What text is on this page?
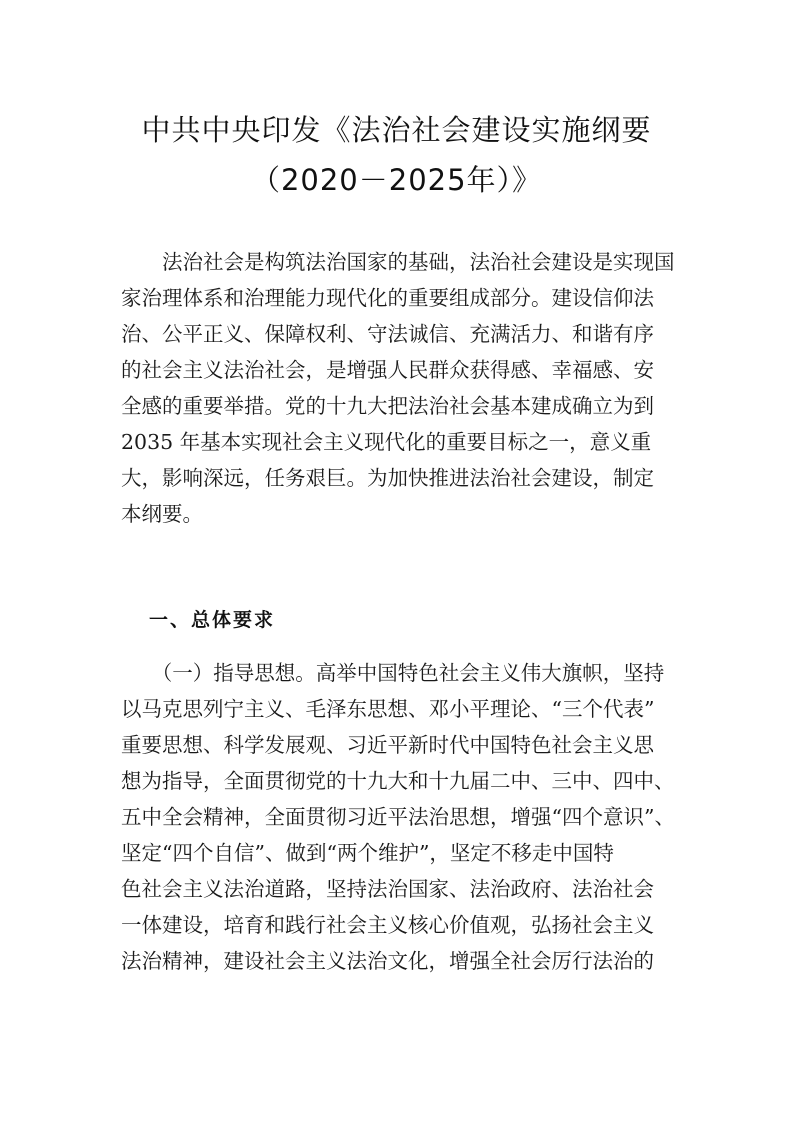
中共中央印发《法治社会建设实施纲要
（2020－2025年）》
　　法治社会是构筑法治国家的基础，法治社会建设是实现国
家治理体系和治理能力现代化的重要组成部分。建设信仰法
治、公平正义、保障权利、守法诚信、充满活力、和谐有序
的社会主义法治社会，是增强人民群众获得感、幸福感、安
全感的重要举措。党的十九大把法治社会基本建成确立为到
2035 年基本实现社会主义现代化的重要目标之一，意义重
大，影响深远，任务艰巨。为加快推进法治社会建设，制定
本纲要。
一、总体要求
　　（一）指导思想。高举中国特色社会主义伟大旗帜，坚持
以马克思列宁主义、毛泽东思想、邓小平理论、“三个代表”
重要思想、科学发展观、习近平新时代中国特色社会主义思
想为指导，全面贯彻党的十九大和十九届二中、三中、四中、
五中全会精神，全面贯彻习近平法治思想，增强“四个意识”、
坚定“四个自信”、做到“两个维护”，坚定不移走中国特
色社会主义法治道路，坚持法治国家、法治政府、法治社会
一体建设，培育和践行社会主义核心价值观，弘扬社会主义
法治精神，建设社会主义法治文化，增强全社会厉行法治的
